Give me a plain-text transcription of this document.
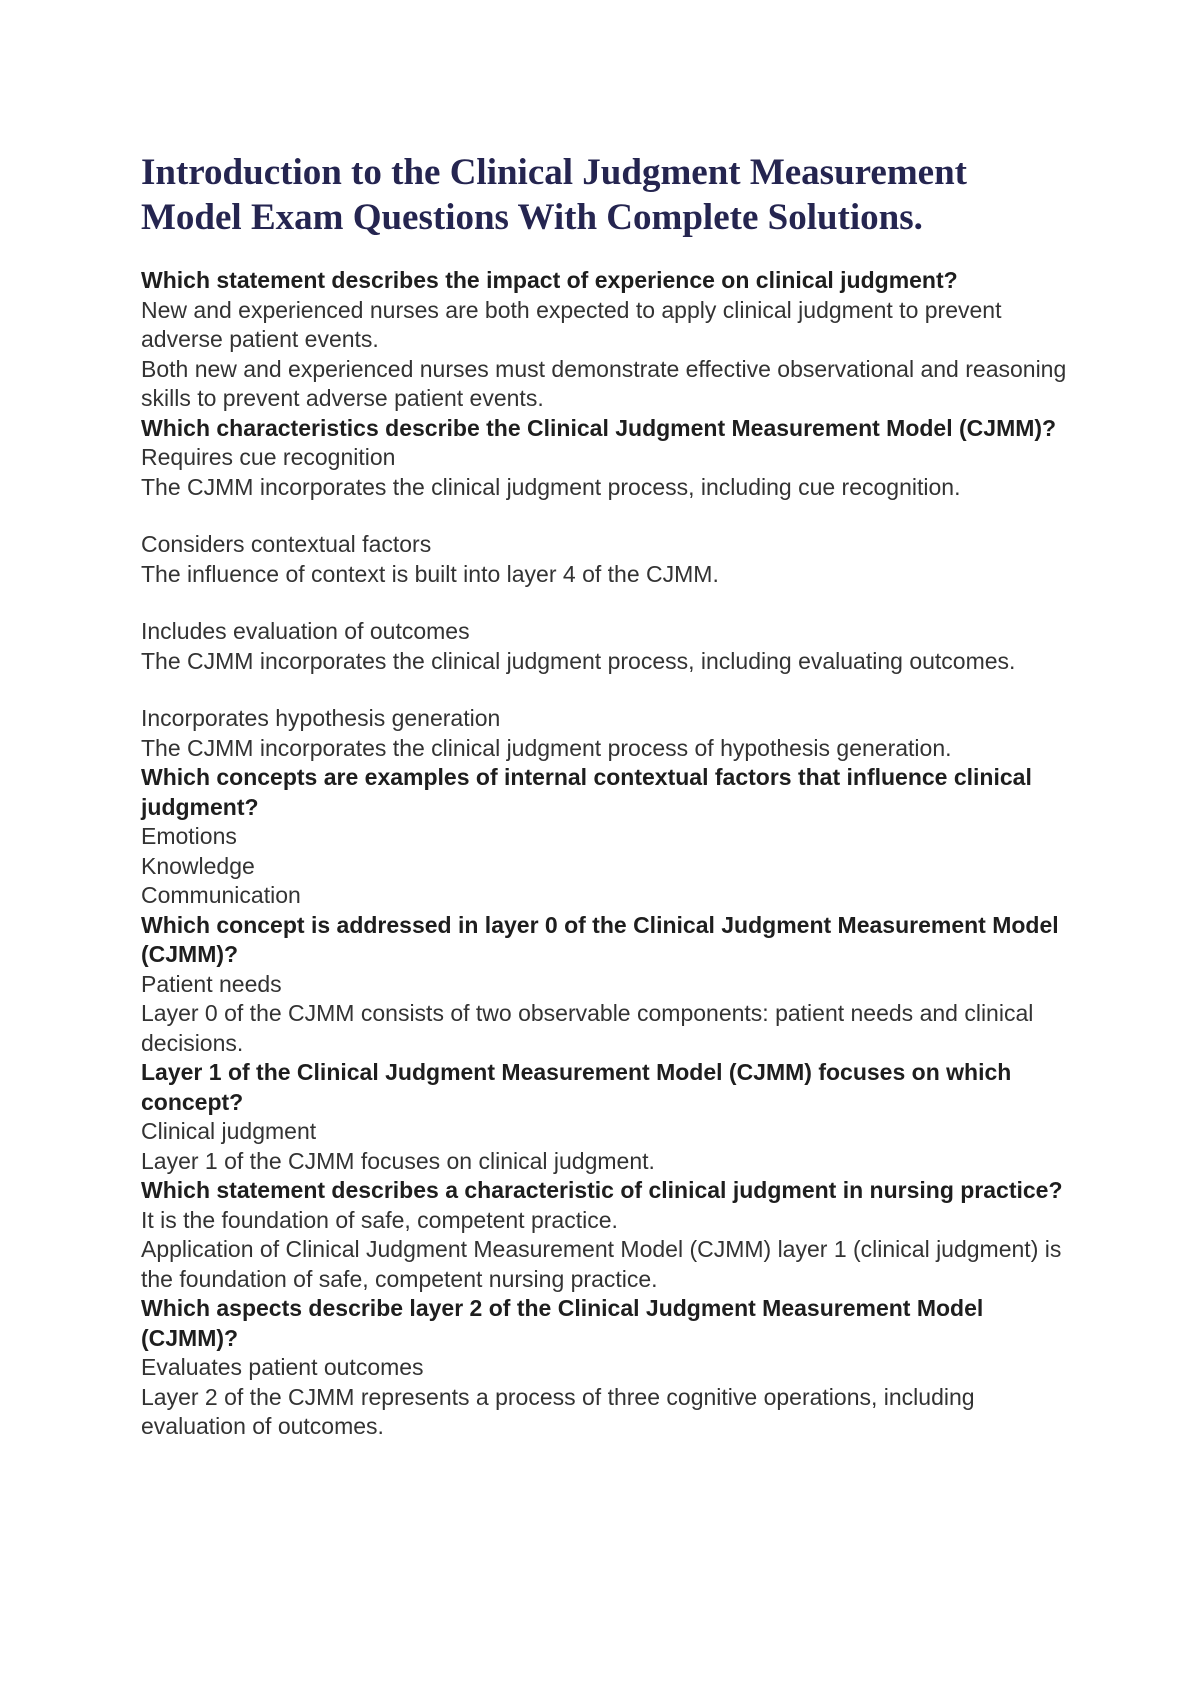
Introduction to the Clinical Judgment Measurement Model Exam Questions With Complete Solutions.
Which statement describes the impact of experience on clinical judgment?
New and experienced nurses are both expected to apply clinical judgment to prevent adverse patient events.
Both new and experienced nurses must demonstrate effective observational and reasoning skills to prevent adverse patient events.
Which characteristics describe the Clinical Judgment Measurement Model (CJMM)?
Requires cue recognition
The CJMM incorporates the clinical judgment process, including cue recognition.
Considers contextual factors
The influence of context is built into layer 4 of the CJMM.
Includes evaluation of outcomes
The CJMM incorporates the clinical judgment process, including evaluating outcomes.
Incorporates hypothesis generation
The CJMM incorporates the clinical judgment process of hypothesis generation.
Which concepts are examples of internal contextual factors that influence clinical judgment?
Emotions
Knowledge
Communication
Which concept is addressed in layer 0 of the Clinical Judgment Measurement Model (CJMM)?
Patient needs
Layer 0 of the CJMM consists of two observable components: patient needs and clinical decisions.
Layer 1 of the Clinical Judgment Measurement Model (CJMM) focuses on which concept?
Clinical judgment
Layer 1 of the CJMM focuses on clinical judgment.
Which statement describes a characteristic of clinical judgment in nursing practice?
It is the foundation of safe, competent practice.
Application of Clinical Judgment Measurement Model (CJMM) layer 1 (clinical judgment) is the foundation of safe, competent nursing practice.
Which aspects describe layer 2 of the Clinical Judgment Measurement Model (CJMM)?
Evaluates patient outcomes
Layer 2 of the CJMM represents a process of three cognitive operations, including evaluation of outcomes.
